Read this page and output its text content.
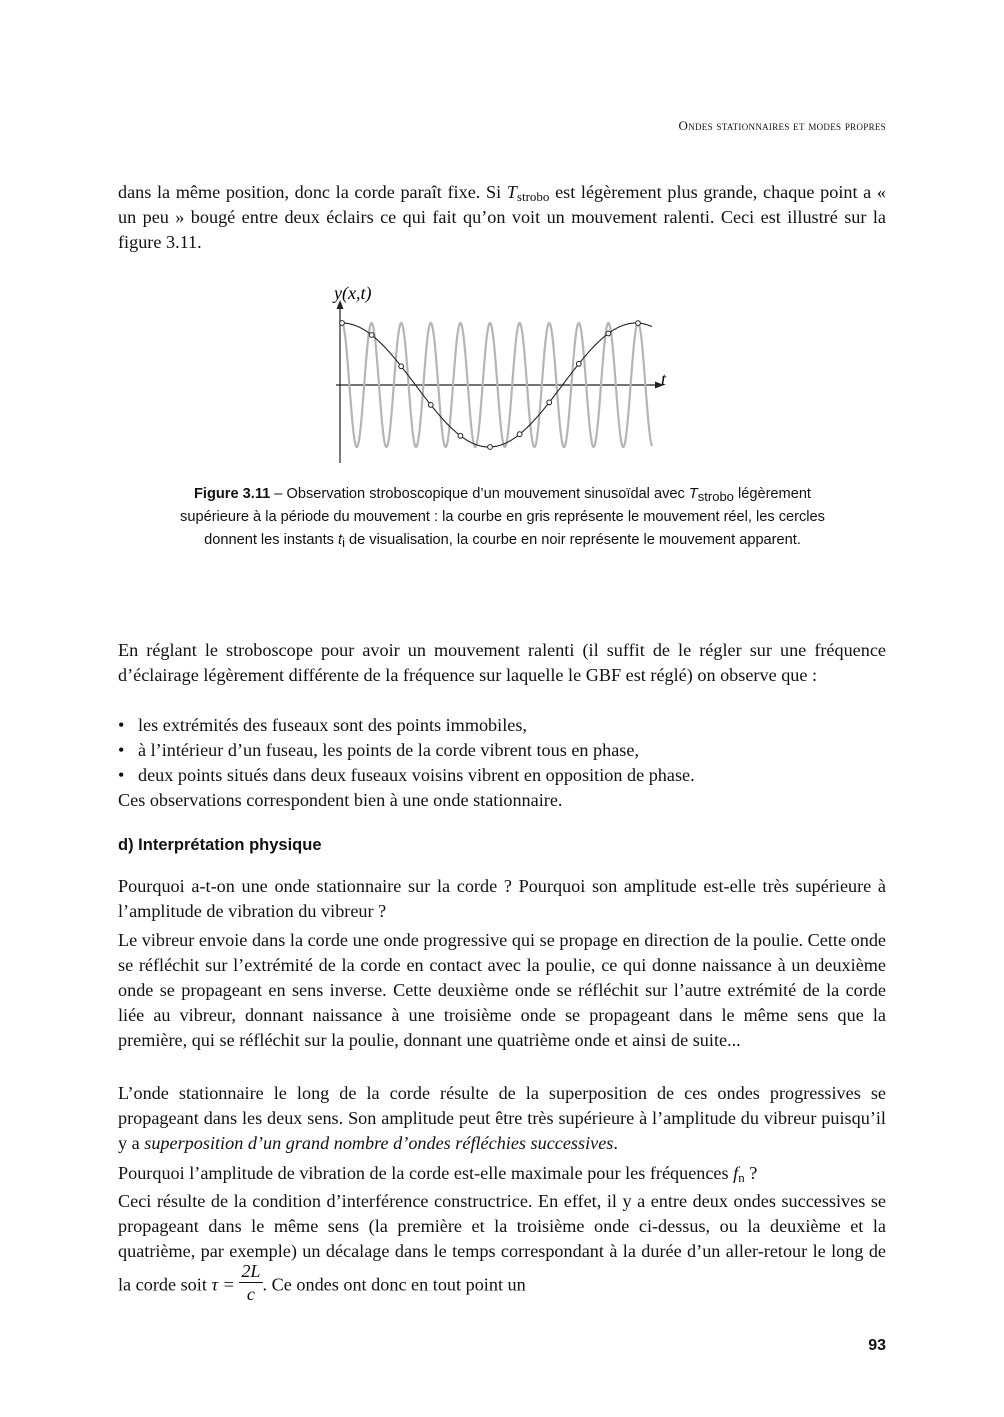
Ondes stationnaires et modes propres

dans la même position, donc la corde paraît fixe. Si $T_{strobo}$ est légèrement plus grande, chaque point a « un peu » bougé entre deux éclairs ce qui fait qu’on voit un mouvement ralenti. Ceci est illustré sur la figure 3.11.

y(x,t)
t
Figure 3.11 – Observation stroboscopique d’un mouvement sinusoïdal avec $T_{strobo}$ légèrement supérieure à la période du mouvement : la courbe en gris représente le mouvement réel, les cercles donnent les instants $t_i$ de visualisation, la courbe en noir représente le mouvement apparent.

En réglant le stroboscope pour avoir un mouvement ralenti (il suffit de le régler sur une fréquence d’éclairage légèrement différente de la fréquence sur laquelle le GBF est réglé) on observe que :

• les extrémités des fuseaux sont des points immobiles,
• à l’intérieur d’un fuseau, les points de la corde vibrent tous en phase,
• deux points situés dans deux fuseaux voisins vibrent en opposition de phase.

Ces observations correspondent bien à une onde stationnaire.

d) Interprétation physique

Pourquoi a-t-on une onde stationnaire sur la corde ? Pourquoi son amplitude est-elle très supérieure à l’amplitude de vibration du vibreur ?

Le vibreur envoie dans la corde une onde progressive qui se propage en direction de la poulie. Cette onde se réfléchit sur l’extrémité de la corde en contact avec la poulie, ce qui donne naissance à un deuxième onde se propageant en sens inverse. Cette deuxième onde se réfléchit sur l’autre extrémité de la corde liée au vibreur, donnant naissance à une troisième onde se propageant dans le même sens que la première, qui se réfléchit sur la poulie, donnant une quatrième onde et ainsi de suite...

L’onde stationnaire le long de la corde résulte de la superposition de ces ondes progressives se propageant dans les deux sens. Son amplitude peut être très supérieure à l’amplitude du vibreur puisqu’il y a superposition d’un grand nombre d’ondes réfléchies successives.

Pourquoi l’amplitude de vibration de la corde est-elle maximale pour les fréquences $f_n$ ?

Ceci résulte de la condition d’interférence constructrice. En effet, il y a entre deux ondes successives se propageant dans le même sens (la première et la troisième onde ci-dessus, ou la deuxième et la quatrième, par exemple) un décalage dans le temps correspondant à la durée d’un aller-retour le long de la corde soit $\tau = \frac{2L}{c}$ . Ce ondes ont donc en tout point un

93
